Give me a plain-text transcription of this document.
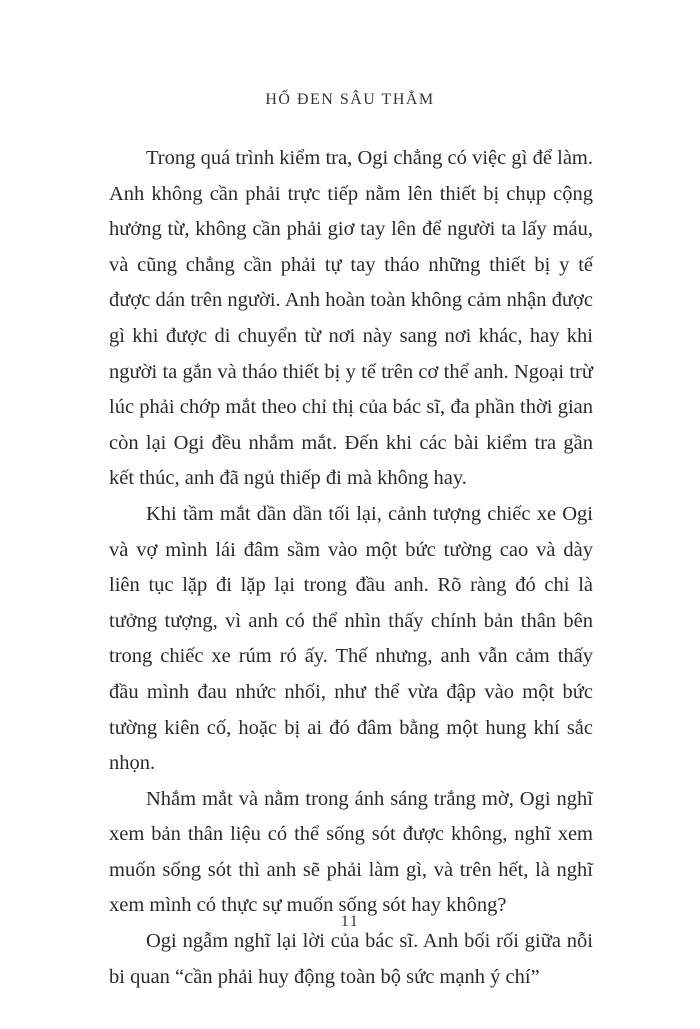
HỐ ĐEN SÂU THẲM

Trong quá trình kiểm tra, Ogi chẳng có việc gì để làm. Anh không cần phải trực tiếp nằm lên thiết bị chụp cộng hưởng từ, không cần phải giơ tay lên để người ta lấy máu, và cũng chẳng cần phải tự tay tháo những thiết bị y tế được dán trên người. Anh hoàn toàn không cảm nhận được gì khi được di chuyển từ nơi này sang nơi khác, hay khi người ta gắn và tháo thiết bị y tế trên cơ thể anh. Ngoại trừ lúc phải chớp mắt theo chỉ thị của bác sĩ, đa phần thời gian còn lại Ogi đều nhắm mắt. Đến khi các bài kiểm tra gần kết thúc, anh đã ngủ thiếp đi mà không hay.

Khi tầm mắt dần dần tối lại, cảnh tượng chiếc xe Ogi và vợ mình lái đâm sầm vào một bức tường cao và dày liên tục lặp đi lặp lại trong đầu anh. Rõ ràng đó chỉ là tưởng tượng, vì anh có thể nhìn thấy chính bản thân bên trong chiếc xe rúm ró ấy. Thế nhưng, anh vẫn cảm thấy đầu mình đau nhức nhối, như thể vừa đập vào một bức tường kiên cố, hoặc bị ai đó đâm bằng một hung khí sắc nhọn.

Nhắm mắt và nằm trong ánh sáng trắng mờ, Ogi nghĩ xem bản thân liệu có thể sống sót được không, nghĩ xem muốn sống sót thì anh sẽ phải làm gì, và trên hết, là nghĩ xem mình có thực sự muốn sống sót hay không?

Ogi ngẫm nghĩ lại lời của bác sĩ. Anh bối rối giữa nỗi bi quan “cần phải huy động toàn bộ sức mạnh ý chí”

11
